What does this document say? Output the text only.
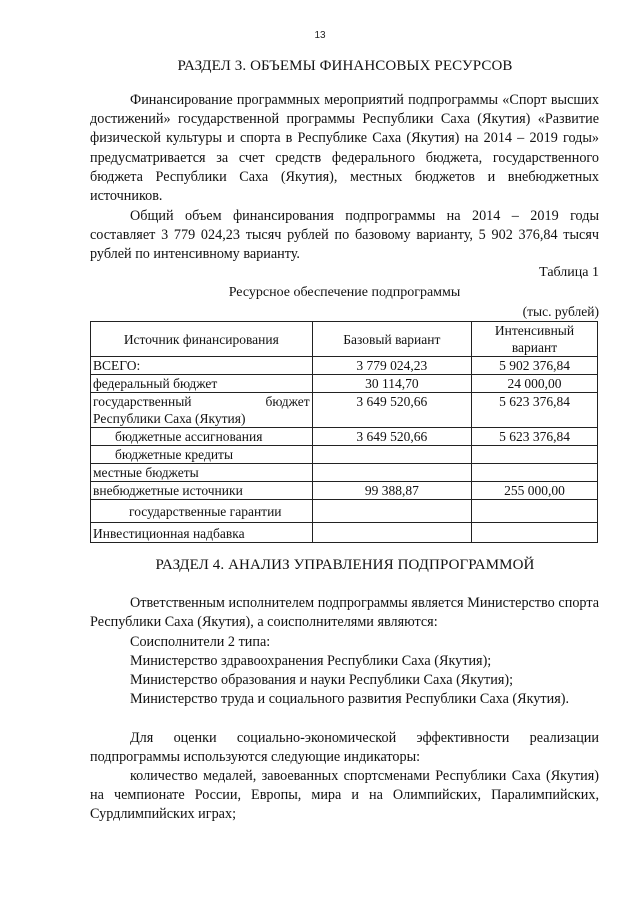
13
РАЗДЕЛ 3. ОБЪЕМЫ ФИНАНСОВЫХ РЕСУРСОВ

Финансирование программных мероприятий подпрограммы «Спорт высших достижений» государственной программы Республики Саха (Якутия) «Развитие физической культуры и спорта в Республике Саха (Якутия) на 2014 – 2019 годы» предусматривается за счет средств федерального бюджета, государственного бюджета Республики Саха (Якутия), местных бюджетов и внебюджетных источников.

Общий объем финансирования подпрограммы на 2014 – 2019 годы составляет 3 779 024,23 тысяч рублей по базовому варианту, 5 902 376,84 тысяч рублей по интенсивному варианту.

Таблица 1
Ресурсное обеспечение подпрограммы
(тыс. рублей)
Источник финансирования	Базовый вариант	Интенсивный вариант
ВСЕГО:	3 779 024,23	5 902 376,84
федеральный бюджет	30 114,70	24 000,00

государственный бюджет
Республики Саха (Якутия)	3 649 520,66	5 623 376,84
бюджетные ассигнования	3 649 520,66	5 623 376,84
бюджетные кредиты		
местные бюджеты		
внебюджетные источники	99 388,87	255 000,00
государственные гарантии		
Инвестиционная надбавка		
РАЗДЕЛ 4. АНАЛИЗ УПРАВЛЕНИЯ ПОДПРОГРАММОЙ

Ответственным исполнителем подпрограммы является Министерство спорта Республики Саха (Якутия), а соисполнителями являются:

Соисполнители 2 типа:

Министерство здравоохранения Республики Саха (Якутия);

Министерство образования и науки Республики Саха (Якутия);

Министерство труда и социального развития Республики Саха (Якутия).

Для оценки социально-экономической эффективности реализации подпрограммы используются следующие индикаторы:

количество медалей, завоеванных спортсменами Республики Саха (Якутия) на чемпионате России, Европы, мира и на Олимпийских, Паралимпийских, Сурдлимпийских играх;
